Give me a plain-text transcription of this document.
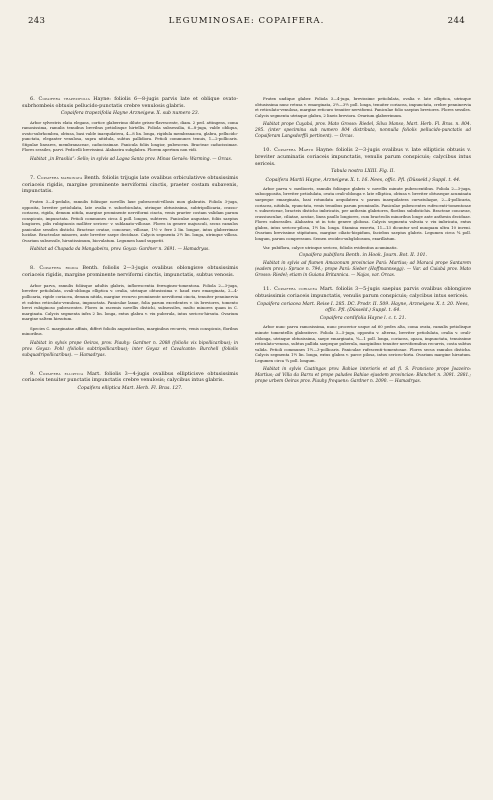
243	LEGUMINOSAE: COPAIFERA.	244

6. Copaifera trapezifolia Hayne: foliolis 6—8-jugis parvis late et oblique ovato-subrhombeis obtusis pellucido-punctatis crebre venulosis glabris.

Copaifera trapezifolia Hayne Arzneigew. X. sub numero 23.

Arbor sylvestris elata elegans, cortice glaberrimo dilute griseo-flavescente, diam. 2 ped. attingens, coma ramosissima, ramulis tenuibus brevibus petiolisque hirtellis. Foliola subsessilia, 6—8-juga, valde obliqua, ovato-subrhombea, obtusa, basi valde inaequilatera, 4—8 lin. longa, rigidula membranacea, glabra, pellucido-punctata, eleganter venulosa, supra nitidula, subtus pallidiora. Petioli communes tenuis, 1—2-pollicaris. Stipulae lineares, membranaceae, caducissimae. Panicula foliis longior, pubescens. Bracteae caducissimae. Flores sessiles, parvi. Pedicelli brevissimi. Alabastra subglabra. Florem apertum non vidi.

Habitat „in Brasilia“: Sello; in sylvis ad Lagoa Santa prov. Minas Geraës: Warming. — Orcas.

7. Copaifera marginata Benth. foliolis trijugis late ovalibus orbiculativve obtusissimis coriaceis rigidis, margine prominente nerviformi cinctis, praeter costam subavenis, impunctatis.

Frutex 3—4-pedalis, ramulis foliisque novellis laxe pubescenti-villosis mox glabratis. Foliola 3-juga, opposita, breviter petiolulata, late ovalia v. suborbiculata, utrinque obtusissima, subtripollicaria, crasso-coriacea, rigida, demum nitida, margine prominente nerviformi cincta, venis praeter costam validam parum conspicuis, impunctata. Petioli communes circa 4 poll. longus, subteres. Paniculae angustae, foliis saepius longiores, pilis rubiginosis molliter sericeo- v. sublanato-villosae. Flores in genere majusculi, secus ramulos paniculae sessiles distichi. Bracteae ovatae, concavae, villosae, 1½ v. fere 2 lin. longae, intus glaberrimae lucidae. Bracteolae minores, ante breviter saepe deciduae. Calycis segmenta 2½ lin. longa, utrinque villosa. Ovarium subsessile, hirsutissimum, biovulatum. Legumen haud suppetit.

Habitat ad Chapada da Mangabeira, prov. Goyaz: Gardner n. 3691. — Hamadryas.

8. Copaifera rigida Benth. foliolis 2—3-jugis ovalibus oblongisve obtusissimis coriaceis rigidis, margine prominente nerviformi cinctis, impunctatis, subtus venosis.

Arbor parva, ramulis foliisque adultis glabris, inflorescentia ferrugineo-tomentosa. Foliola 2—3-juga, breviter petiolulata, ovali-oblonga elliptica v. ovalia, utrinque obtusissima v. haud raro emarginata, 2—4-pollicaria, rigide coriacea, demum nitida, margine recurvo prominente nerviformi cincta, tenuiter penninervia et subtus reticulato-venulosa, impunctata. Paniculae laxae, folia parum excedentes v. iis breviores, tomento brevi rubiginoso pubescentes. Flores in racemis novellis distichi, subsessiles, multo minores quam in C. marginata. Calycis segmenta infra 2 lin. longa, extus glabra v. vix puberula, intus sericeo-hirsuta. Ovarium margine saltem hirsutum.

Species C. marginatae affinis, differt foliolis angustioribus, marginibus recurvis, venis conspicuis, floribus minoribus.

Habitat in sylvis prope Oeiras, prov. Piauhy: Gardner n. 2088 (foliolis vix bipollicaribus); in prov. Goyaz: Pohl (foliolis subtripollicaribus); inter Goyaz et Cavalcante: Burchell (foliolis subquadripollicaribus). — Hamadryas.

9. Copaifera elliptica Mart. foliolis 3—4-jugis ovalibus ellipticisve obtusissimis coriaceis tenuiter punctatis impunctatis crebre venulosis; calycibus intus glabris.

Copaifera elliptica Mart. Herb. Fl. Bras. 127.

Frutex undique glaber. Foliola 3—4-juga, brevissime petiolulata, ovalia v. late elliptica, utrinque obtusissima nunc retusa v. emarginata, 2½—3½ poll. longa, tenuiter coriacea, impunctata, crebre penninervia et reticulato-venulosa, margine reticuro tenuiter nerviformi. Paniculae folio saepius breviores. Flores sessiles. Calycis segmenta utrinque glabra, 2 lineis breviora. Ovarium glaberrimum.

Habitat prope Cuyabá, prov. Mato Grosso: Riedel, Silva Manso, Mart. Herb. Fl. Bras. n. 804. 295. (inter specimina sub numero 804 distributa, nonnulla foliolis pellucido-punctatis ad Copaiferam Langsdorffii pertinent). — Orcas.

10. Copaifera Martii Hayne: foliolis 2—3-jugis ovalibus v. late ellipticis obtusis v. breviter acuminatis coriaceis impunctatis, venulis parum conspicuis; calycibus intus sericeis.

Tabula nostra LXIII. Fig. II.

Copaifera Martii Hayne, Arzneigew. X. t. 16. Nees, offic. Pfl. (Düsseld.) Suppl. t. 44.

Arbor parva v. mediocris, ramulis foliisque glabris v. novellis minute pubescentibus. Foliola 2—3-juga, suboopposita, breviter petiolulata, ovata ovali-oblonga v. late elliptica, obtusa v. breviter obtuseque acuminata saepeque emarginata, basi rotundata aequilatera v. parum inaequilatera curvatulaque, 2—4-pollicaria, coriacea, nitidula, epunctata, venis tenuibus parum prominulis. Paniculae pubescentes rufescenti-tomentosae v. subsericeae, bracteis disticho imbricatis, per anthesin glabriores, floribus subdistichis. Bracteae concavae, crassiusculae, ciliatae, acutae, linea paullo longiores, cum bracteolis minoribus longe ante anthesin deciduae. Flores subsessiles. Alabastra ut in toto genere globosa. Calycis segmenta valvata v. vix imbricata, extus glabra, intus sericeo-pilosa, 1½ lin. longa. Stamina exserta, 11—13 dicuntur sed nunquam ultra 10 inveni. Ovarium brevissime stipitatum, margine ciliato-hispidum, faciebus saepius glabris. Legumen circa ¾ poll. longum, parum compressum. Semen ovoideo-subglobosum, exarillatum.

Var. pubiflora, calyce utrinque sericeo, foliolis evidentius acuminatis.

Copaifera pubiflora Benth. in Hook. Journ. Bot. II. 101.

Habitat in sylvis ad flumen Amazonum provinciae Pará: Martius; ad Maracá prope Santarem (eadem prov.): Spruce n. 794.; prope Pará: Sieber (Hoffmannsegg). — Var. ad Cuiabá prov. Mato Grosso: Riedel; etiam in Guiana Britannica. — Najas, var. Orcas.

11. Copaifera coriacea Mart. foliolis 3—5-jugis saepius parvis ovalibus oblongisve obtusissimis coriaceis impunctatis, venulis parum conspicuis; calycibus intus sericeis.

Copaifera coriacea Mart. Reise I. 285. DC. Prodr. II. 509. Hayne, Arzneigew. X. t. 20. Nees, offic. Pfl. (Düsseld.) Suppl. t. 64.

Copaifera cordifolia Hayne l. c. t. 21.

Arbor nunc parva ramosissima, nunc procerior usque ad 60 pedes alta, coma ovata, ramulis petiolisque minute tomentellis glabratisve. Foliola 3—5-juga, opposita v. alterna, breviter petiolulata, ovalia v. ovali-oblonga, utrinque obtusissima, saepe emarginata, ¾—1 poll. longa, coriacea, opaca, impunctata, tenuissime reticulato-venosa, subtus pallida saepeque puberula, marginibus tenuiter nerviformibus recurvis, costa subtus valida. Petioli communes 1½—3-pollicaris. Paniculae rufescenti-tomentosae. Flores secus ramulos disticha. Calycis segmenta 1½ lin. longa, extus glabra v. parce pilosa, intus sericeo-hirta. Ovarium margine hirsutum. Legumen circa ¾ poll. longum.

Habitat in sylvis Caatingas prov. Bahiae interioris et ad fl. S. Francisco prope Joazeiro: Martius; ad Villa da Barra et prope paludes Bahiae ejusdem provinciae: Blanchet n. 3091. 2881.; prope urbem Oeiras prov. Piauhy frequens: Gardner n. 2090. — Hamadryas.
